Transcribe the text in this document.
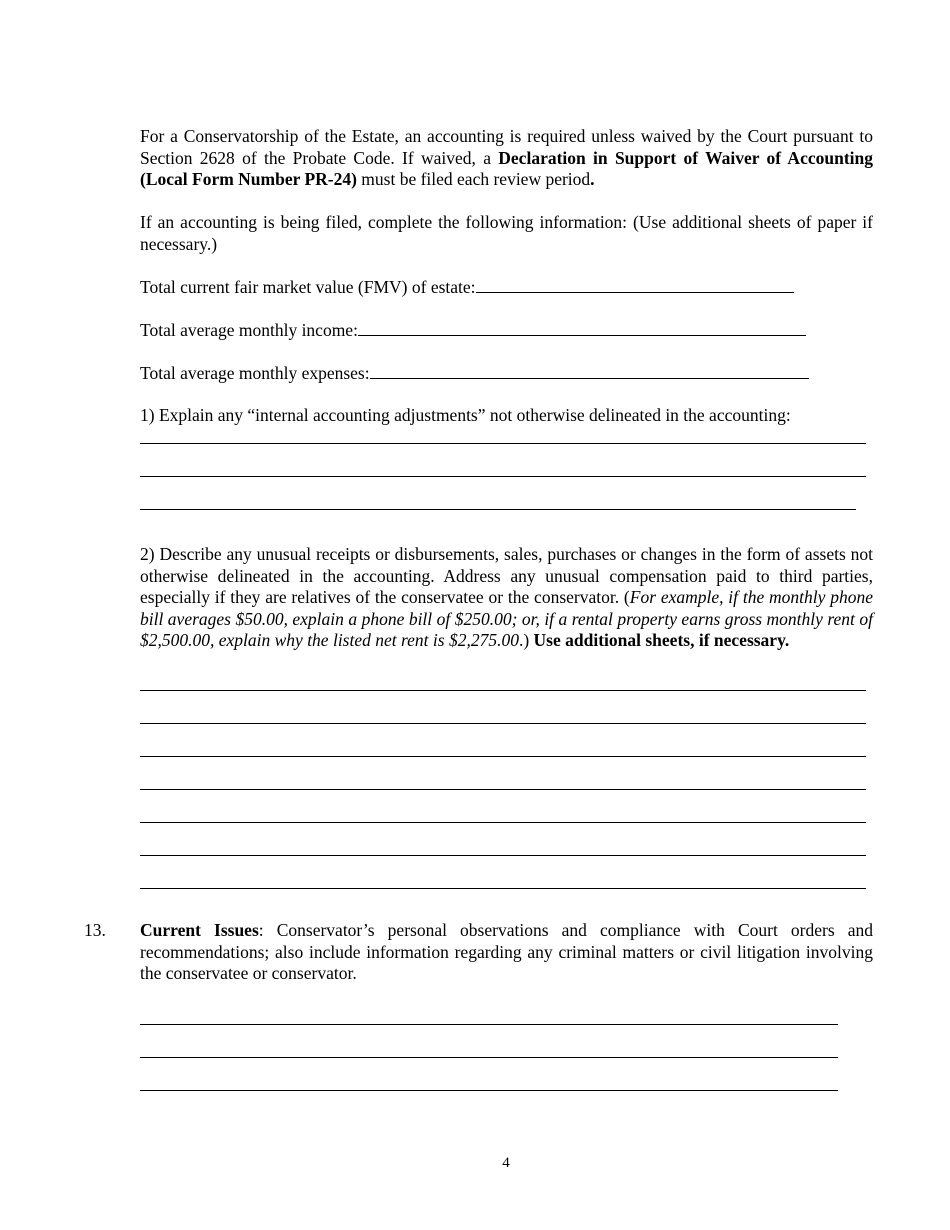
For a Conservatorship of the Estate, an accounting is required unless waived by the Court pursuant to Section 2628 of the Probate Code. If waived, a Declaration in Support of Waiver of Accounting (Local Form Number PR-24) must be filed each review period.

If an accounting is being filed, complete the following information: (Use additional sheets of paper if necessary.)

Total current fair market value (FMV) of estate:
Total average monthly income:
Total average monthly expenses:
1) Explain any “internal accounting adjustments” not otherwise delineated in the accounting:

2) Describe any unusual receipts or disbursements, sales, purchases or changes in the form of assets not otherwise delineated in the accounting. Address any unusual compensation paid to third parties, especially if they are relatives of the conservatee or the conservator. (For example, if the monthly phone bill averages $50.00, explain a phone bill of $250.00; or, if a rental property earns gross monthly rent of $2,500.00, explain why the listed net rent is $2,275.00.) Use additional sheets, if necessary.

13. Current Issues: Conservator’s personal observations and compliance with Court orders and recommendations; also include information regarding any criminal matters or civil litigation involving the conservatee or conservator.

4
